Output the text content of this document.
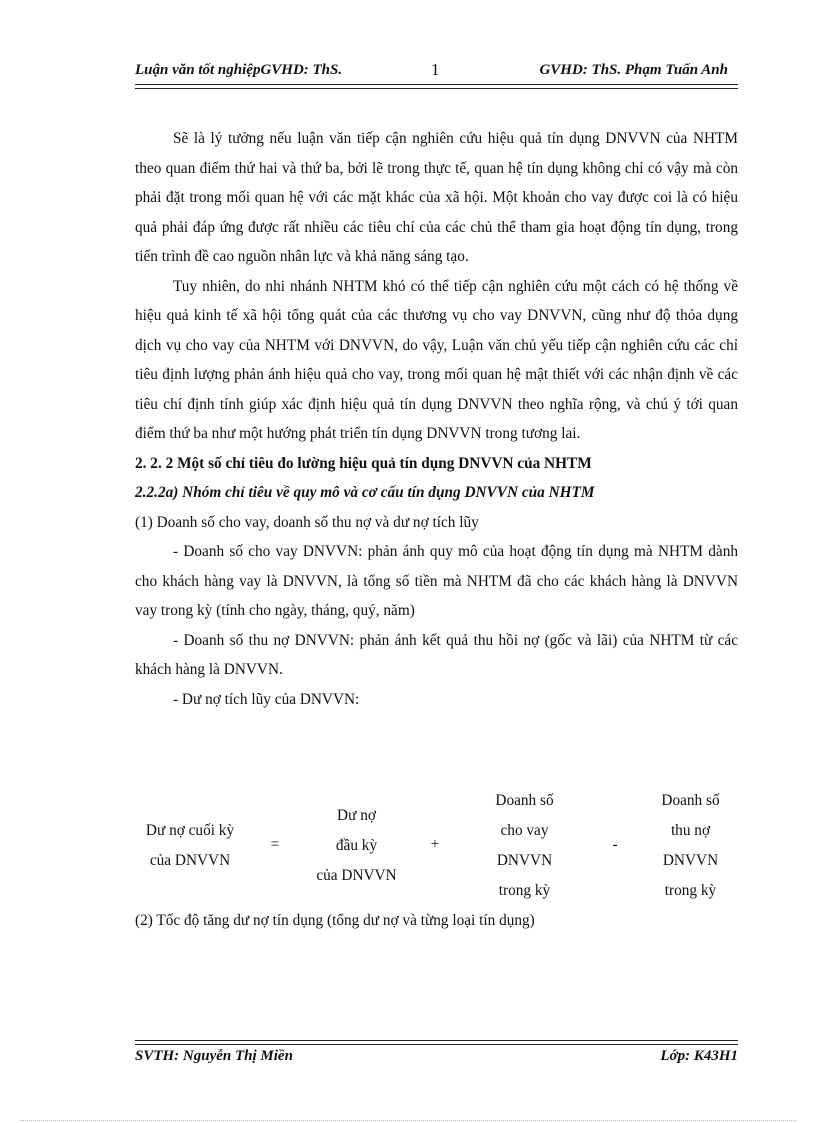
Luận văn tốt nghiệpGVHD: ThS.	1	GVHD: ThS. Phạm Tuấn Anh

Sẽ là lý tưởng nếu luận văn tiếp cận nghiên cứu hiệu quả tín dụng DNVVN của NHTM theo quan điểm thứ hai và thứ ba, bởi lẽ trong thực tế, quan hệ tín dụng không chỉ có vậy mà còn phải đặt trong mối quan hệ với các mặt khác của xã hội. Một khoản cho vay được coi là có hiệu quả phải đáp ứng được rất nhiều các tiêu chí của các chủ thể tham gia hoạt động tín dụng, trong tiến trình đề cao nguồn nhân lực và khả năng sáng tạo.

Tuy nhiên, do nhi nhánh NHTM khó có thể tiếp cận nghiên cứu một cách có hệ thống về hiệu quả kinh tế xã hội tổng quát của các thương vụ cho vay DNVVN, cũng như độ thỏa dụng dịch vụ cho vay của NHTM với DNVVN, do vậy, Luận văn chủ yếu tiếp cận nghiên cứu các chỉ tiêu định lượng phản ánh hiệu quả cho vay, trong mối quan hệ mật thiết với các nhận định về các tiêu chí định tính giúp xác định hiệu quả tín dụng DNVVN theo nghĩa rộng, và chú ý tới quan điểm thứ ba như một hướng phát triển tín dụng DNVVN trong tương lai.

2. 2. 2 Một số chỉ tiêu đo lường hiệu quả tín dụng DNVVN của NHTM

2.2.2a) Nhóm chỉ tiêu về quy mô và cơ cấu tín dụng DNVVN của NHTM

(1) Doanh số cho vay, doanh số thu nợ và dư nợ tích lũy

- Doanh số cho vay DNVVN: phản ánh quy mô của hoạt động tín dụng mà NHTM dành cho khách hàng vay là DNVVN, là tổng số tiền mà NHTM đã cho các khách hàng là DNVVN vay trong kỳ (tính cho ngày, tháng, quý, năm)

- Doanh số thu nợ DNVVN: phản ánh kết quả thu hồi nợ (gốc và lãi) của NHTM từ các khách hàng là DNVVN.

- Dư nợ tích lũy của DNVVN:

Dư nợ cuối kỳ
của DNVVN
=
Dư nợ
đầu kỳ
của DNVVN
+
Doanh số
cho vay
DNVVN
trong kỳ
-
Doanh số
thu nợ
DNVVN
trong kỳ

(2) Tốc độ tăng dư nợ tín dụng (tổng dư nợ và từng loại tín dụng)

SVTH: Nguyễn Thị Miền	Lớp: K43H1
